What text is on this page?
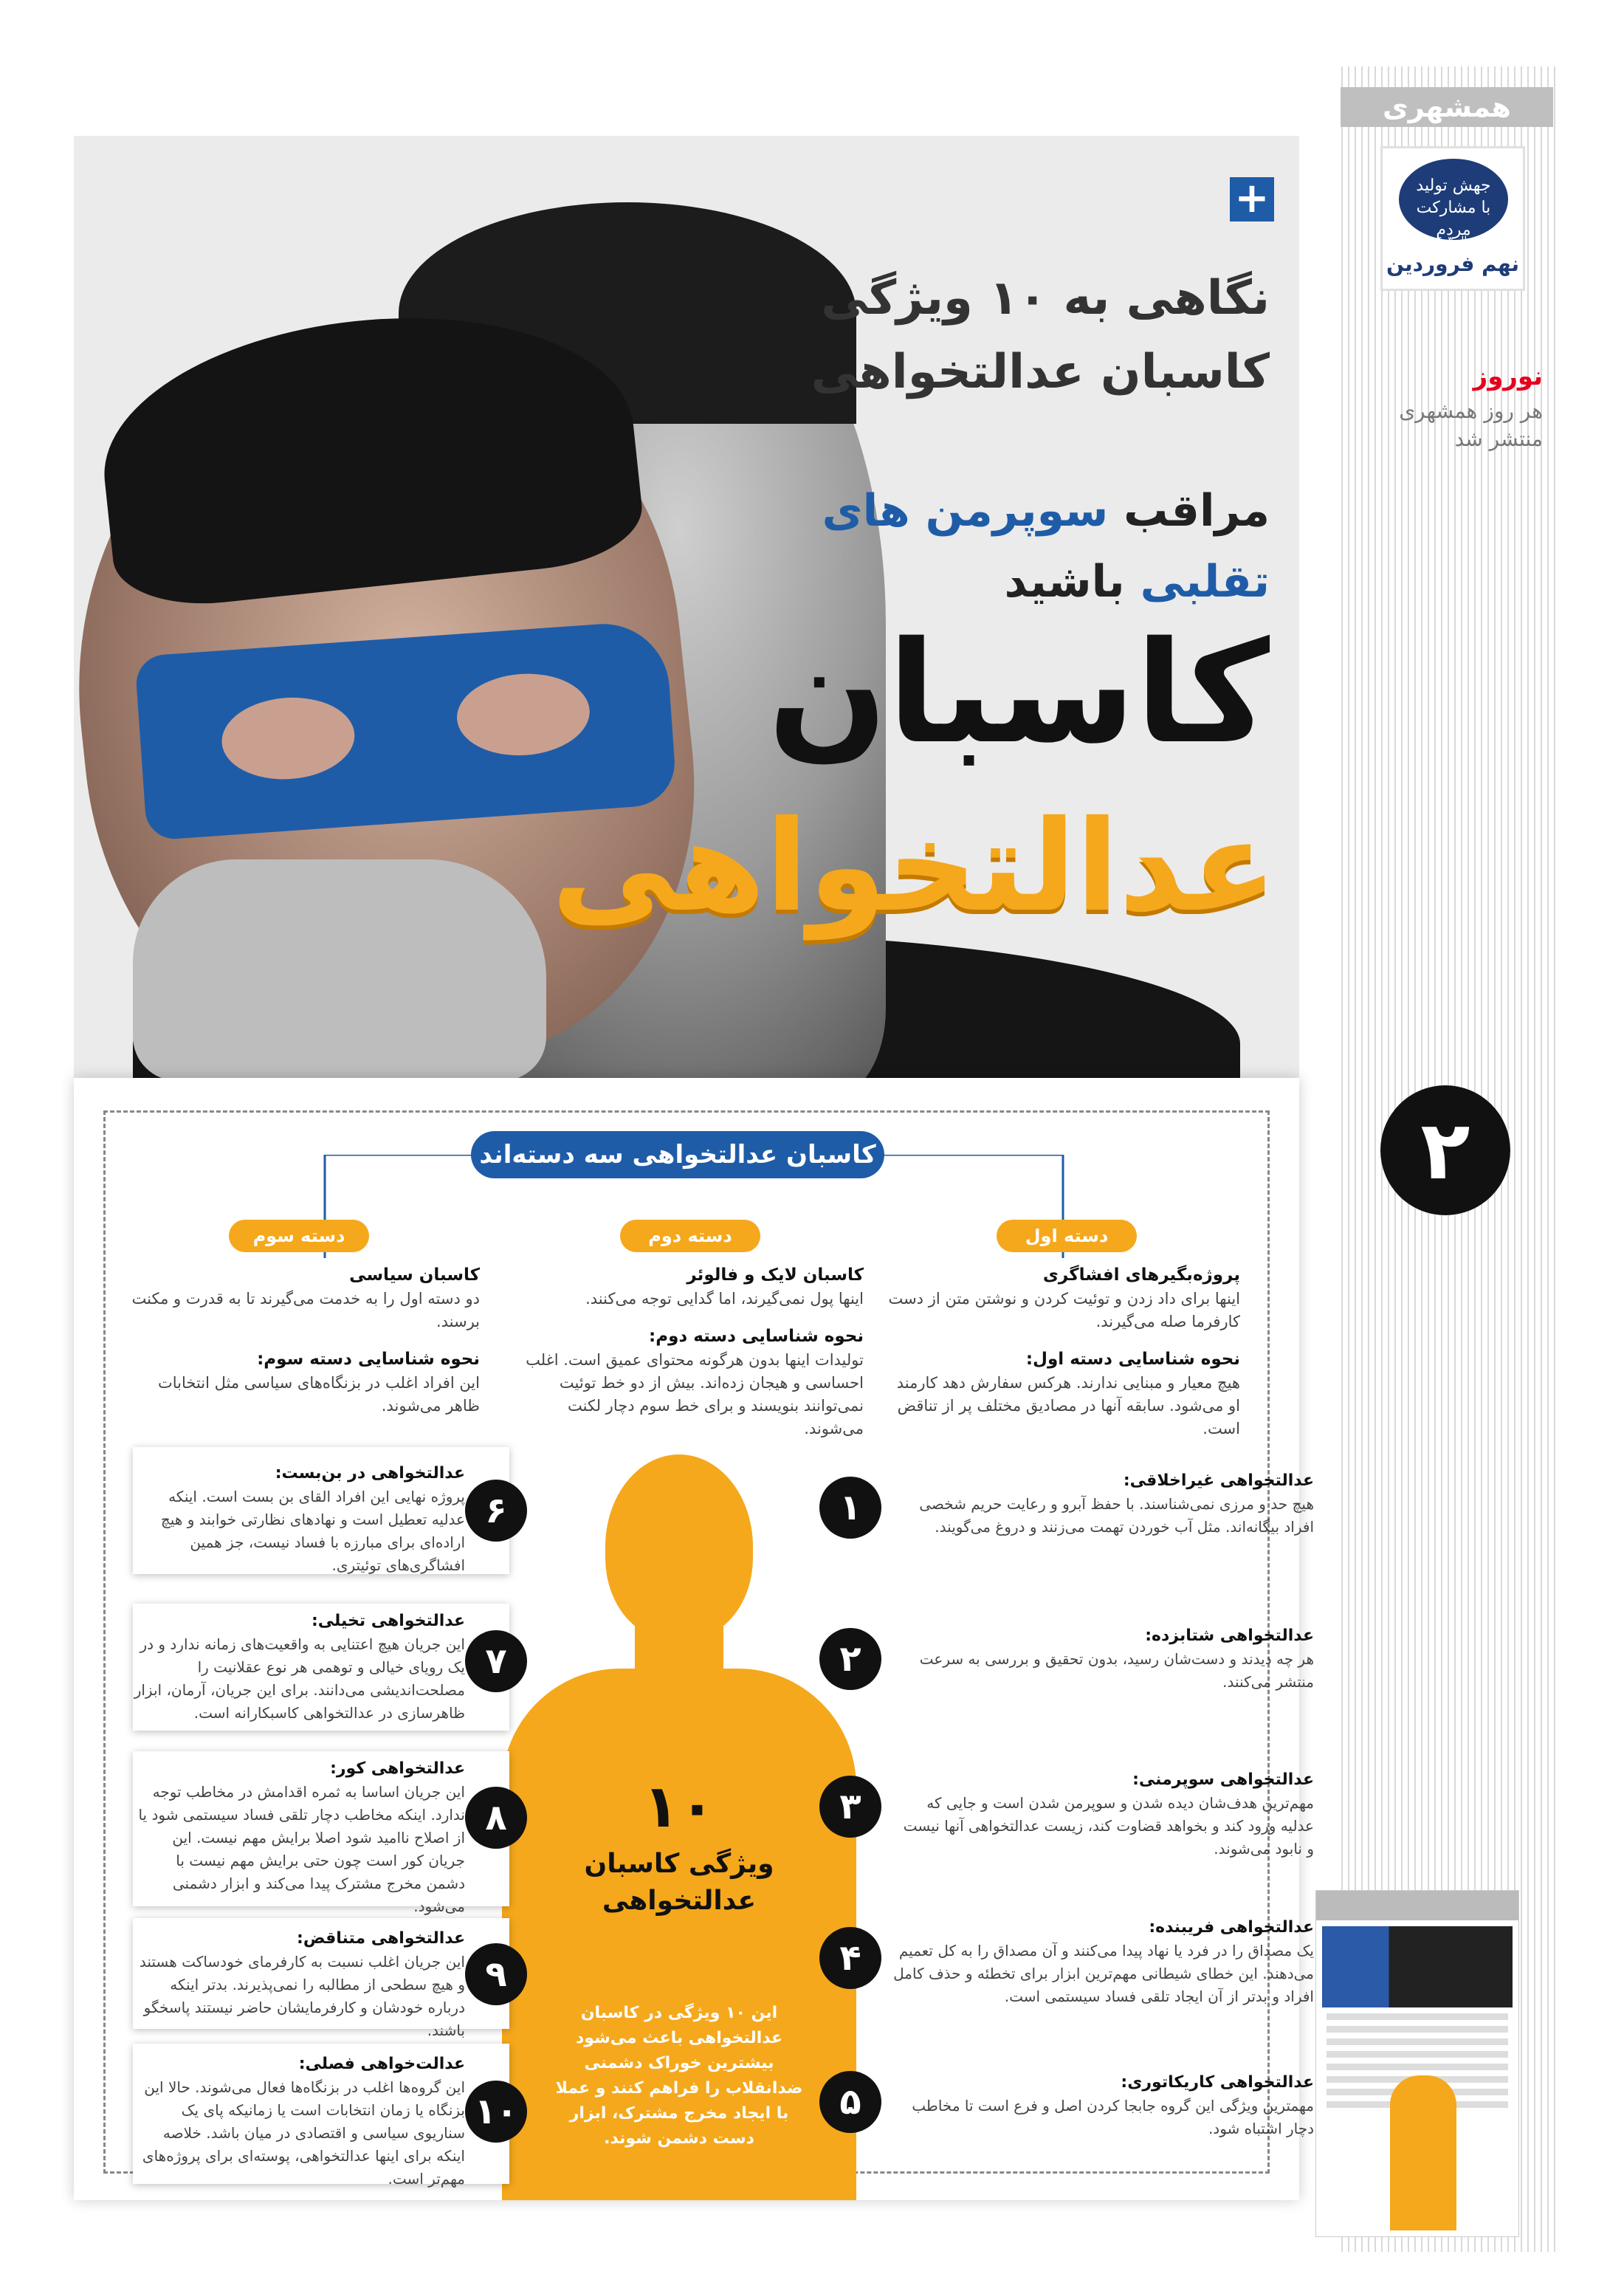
همشهری
جهش تولید
با مشارکت مردم
سال ۱۴۰۳
نهم فروردین
نوروز
هر روز همشهری منتشر شد
۲
+
نگاهی به ۱۰ ویژگی
کاسبان عدالتخواهی
مراقب سوپرمن های
تقلبی باشید
کاسبان
عدالتخواهی
کاسبان عدالتخواهی سه دسته‌اند
دسته اول
دسته دوم
دسته سوم
پروژه‌بگیرهای افشاگری

اینها برای داد زدن و توئیت کردن و نوشتن متن از دست کارفرما صله می‌گیرند.

نحوه شناسایی دسته اول:

هیچ معیار و مبنایی ندارند. هرکس سفارش دهد کارمند او می‌شود. سابقه آنها در مصادیق مختلف پر از تناقض است.

کاسبان لایک و فالوئر

اینها پول نمی‌گیرند، اما گدایی توجه می‌کنند.

نحوه شناسایی دسته دوم:

تولیدات اینها بدون هرگونه محتوای عمیق است. اغلب احساسی و هیجان زده‌اند. بیش از دو خط توئیت نمی‌توانند بنویسند و برای خط سوم دچار لکنت می‌شوند.

کاسبان سیاسی

دو دسته اول را به خدمت می‌گیرند تا به قدرت و مکنت برسند.

نحوه شناسایی دسته سوم:

این افراد اغلب در بزنگاه‌های سیاسی مثل انتخابات ظاهر می‌شوند.

۱۰
ویژگی کاسبان عدالتخواهی
این ۱۰ ویژگی در کاسبان عدالتخواهی باعث می‌شود بیشترین خوراک دشمنی ضدانقلاب را فراهم کنند و عملا با ایجاد مخرج مشترک، ابزار دست دشمن شوند.
۱
عدالتخواهی غیراخلاقی:

هیچ حد و مرزی نمی‌شناسند. با حفظ آبرو و رعایت حریم شخصی افراد بیگانه‌اند. مثل آب خوردن تهمت می‌زنند و دروغ می‌گویند.

۲
عدالتخواهی شتابزده:

هر چه دیدند و دست‌شان رسید، بدون تحقیق و بررسی به سرعت منتشر می‌کنند.

۳
عدالتخواهی سوپرمنی:

مهم‌ترین هدف‌شان دیده شدن و سوپرمن شدن است و جایی که عدلیه ورود کند و بخواهد قضاوت کند، زیست عدالتخواهی آنها نیست و نابود می‌شوند.

۴
عدالتخواهی فریبنده:

یک مصداق را در فرد یا نهاد پیدا می‌کنند و آن مصداق را به کل تعمیم می‌دهند. این خطای شیطانی مهم‌ترین ابزار برای تخطئه و حذف کامل افراد و بدتر از آن ایجاد تلقی فساد سیستمی است.

۵	عدالتخواهی کاریکاتوری:

مهمترین ویژگی این گروه جابجا کردن اصل و فرع است تا مخاطب دچار اشتباه شود.

عدالتخواهی در بن‌بست:

پروژه نهایی این افراد القای بن بست است. اینکه عدلیه تعطیل است و نهادهای نظارتی خوابند و هیچ اراده‌ای برای مبارزه با فساد نیست، جز همین افشاگری‌های توئیتری.

۶
عدالتخواهی تخیلی:

این جریان هیچ اعتنایی به واقعیت‌های زمانه ندارد و در یک رویای خیالی و توهمی هر نوع عقلانیت را مصلحت‌اندیشی می‌دانند. برای این جریان، آرمان، ابزار ظاهرسازی در عدالتخواهی کاسبکارانه است.

۷
عدالتخواهی کور:

این جریان اساسا به ثمره اقدامش در مخاطب توجه ندارد. اینکه مخاطب دچار تلقی فساد سیستمی شود یا از اصلاح ناامید شود اصلا برایش مهم نیست. این جریان کور است چون حتی برایش مهم نیست با دشمن مخرج مشترک پیدا می‌کند و ابزار دشمنی می‌شود.

۸
عدالتخواهی متناقض:

این جریان اغلب نسبت به کارفرمای خودساکت هستند و هیچ سطحی از مطالبه را نمی‌پذیرند. بدتر اینکه درباره خودشان و کارفرمایشان حاضر نیستند پاسخگو باشند.

۹
عدالت‌خواهی فصلی:

این گروه‌ها اغلب در بزنگاه‌ها فعال می‌شوند. حالا این بزنگاه یا زمان انتخابات است یا زمانیکه پای یک سناریوی سیاسی و اقتصادی در میان باشد. خلاصه اینکه برای اینها عدالتخواهی، پوسته‌ای برای پروژه‌های مهم‌تر است.

۱۰
